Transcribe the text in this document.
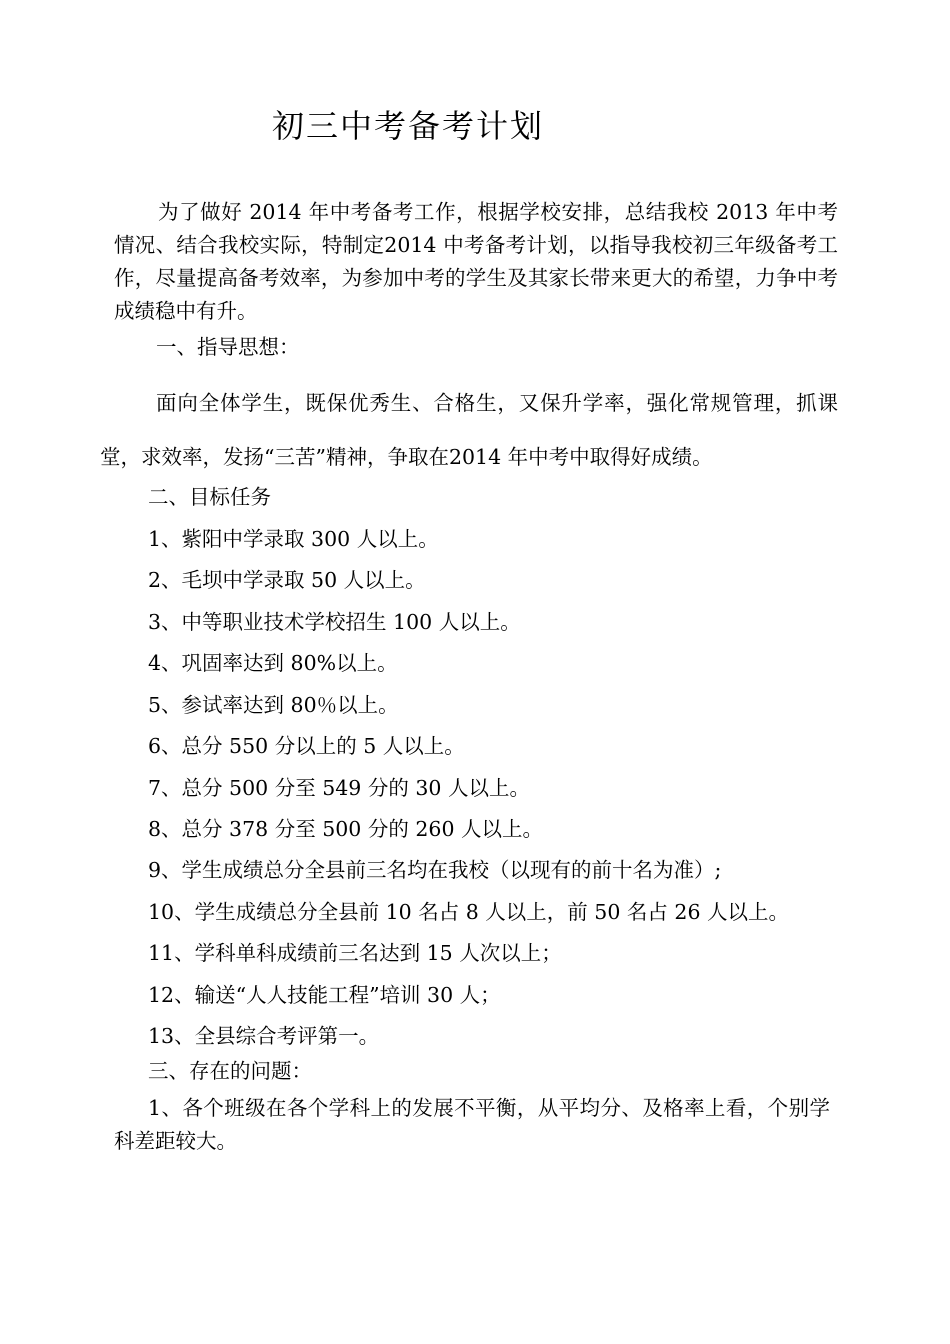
初三中考备考计划

为了做好 2014 年中考备考工作，根据学校安排，总结我校 2013 年中考情况、结合我校实际，特制定2014 中考备考计划，以指导我校初三年级备考工作，尽量提高备考效率，为参加中考的学生及其家长带来更大的希望，力争中考成绩稳中有升。

一、指导思想：

面向全体学生，既保优秀生、合格生，又保升学率，强化常规管理，抓课堂，求效率，发扬“三苦”精神，争取在2014 年中考中取得好成绩。

二、目标任务

1、紫阳中学录取 300 人以上。

2、毛坝中学录取 50 人以上。

3、中等职业技术学校招生 100 人以上。

4、巩固率达到 80%以上。

5、参试率达到 80％以上。

6、总分 550 分以上的 5 人以上。

7、总分 500 分至 549 分的 30 人以上。

8、总分 378 分至 500 分的 260 人以上。

9、学生成绩总分全县前三名均在我校（以现有的前十名为准）;

10、学生成绩总分全县前 10 名占 8 人以上，前 50 名占 26 人以上。

11、学科单科成绩前三名达到 15 人次以上；

12、输送“人人技能工程”培训 30 人；

13、全县综合考评第一。

三、存在的问题：

1、各个班级在各个学科上的发展不平衡，从平均分、及格率上看，个别学科差距较大。
